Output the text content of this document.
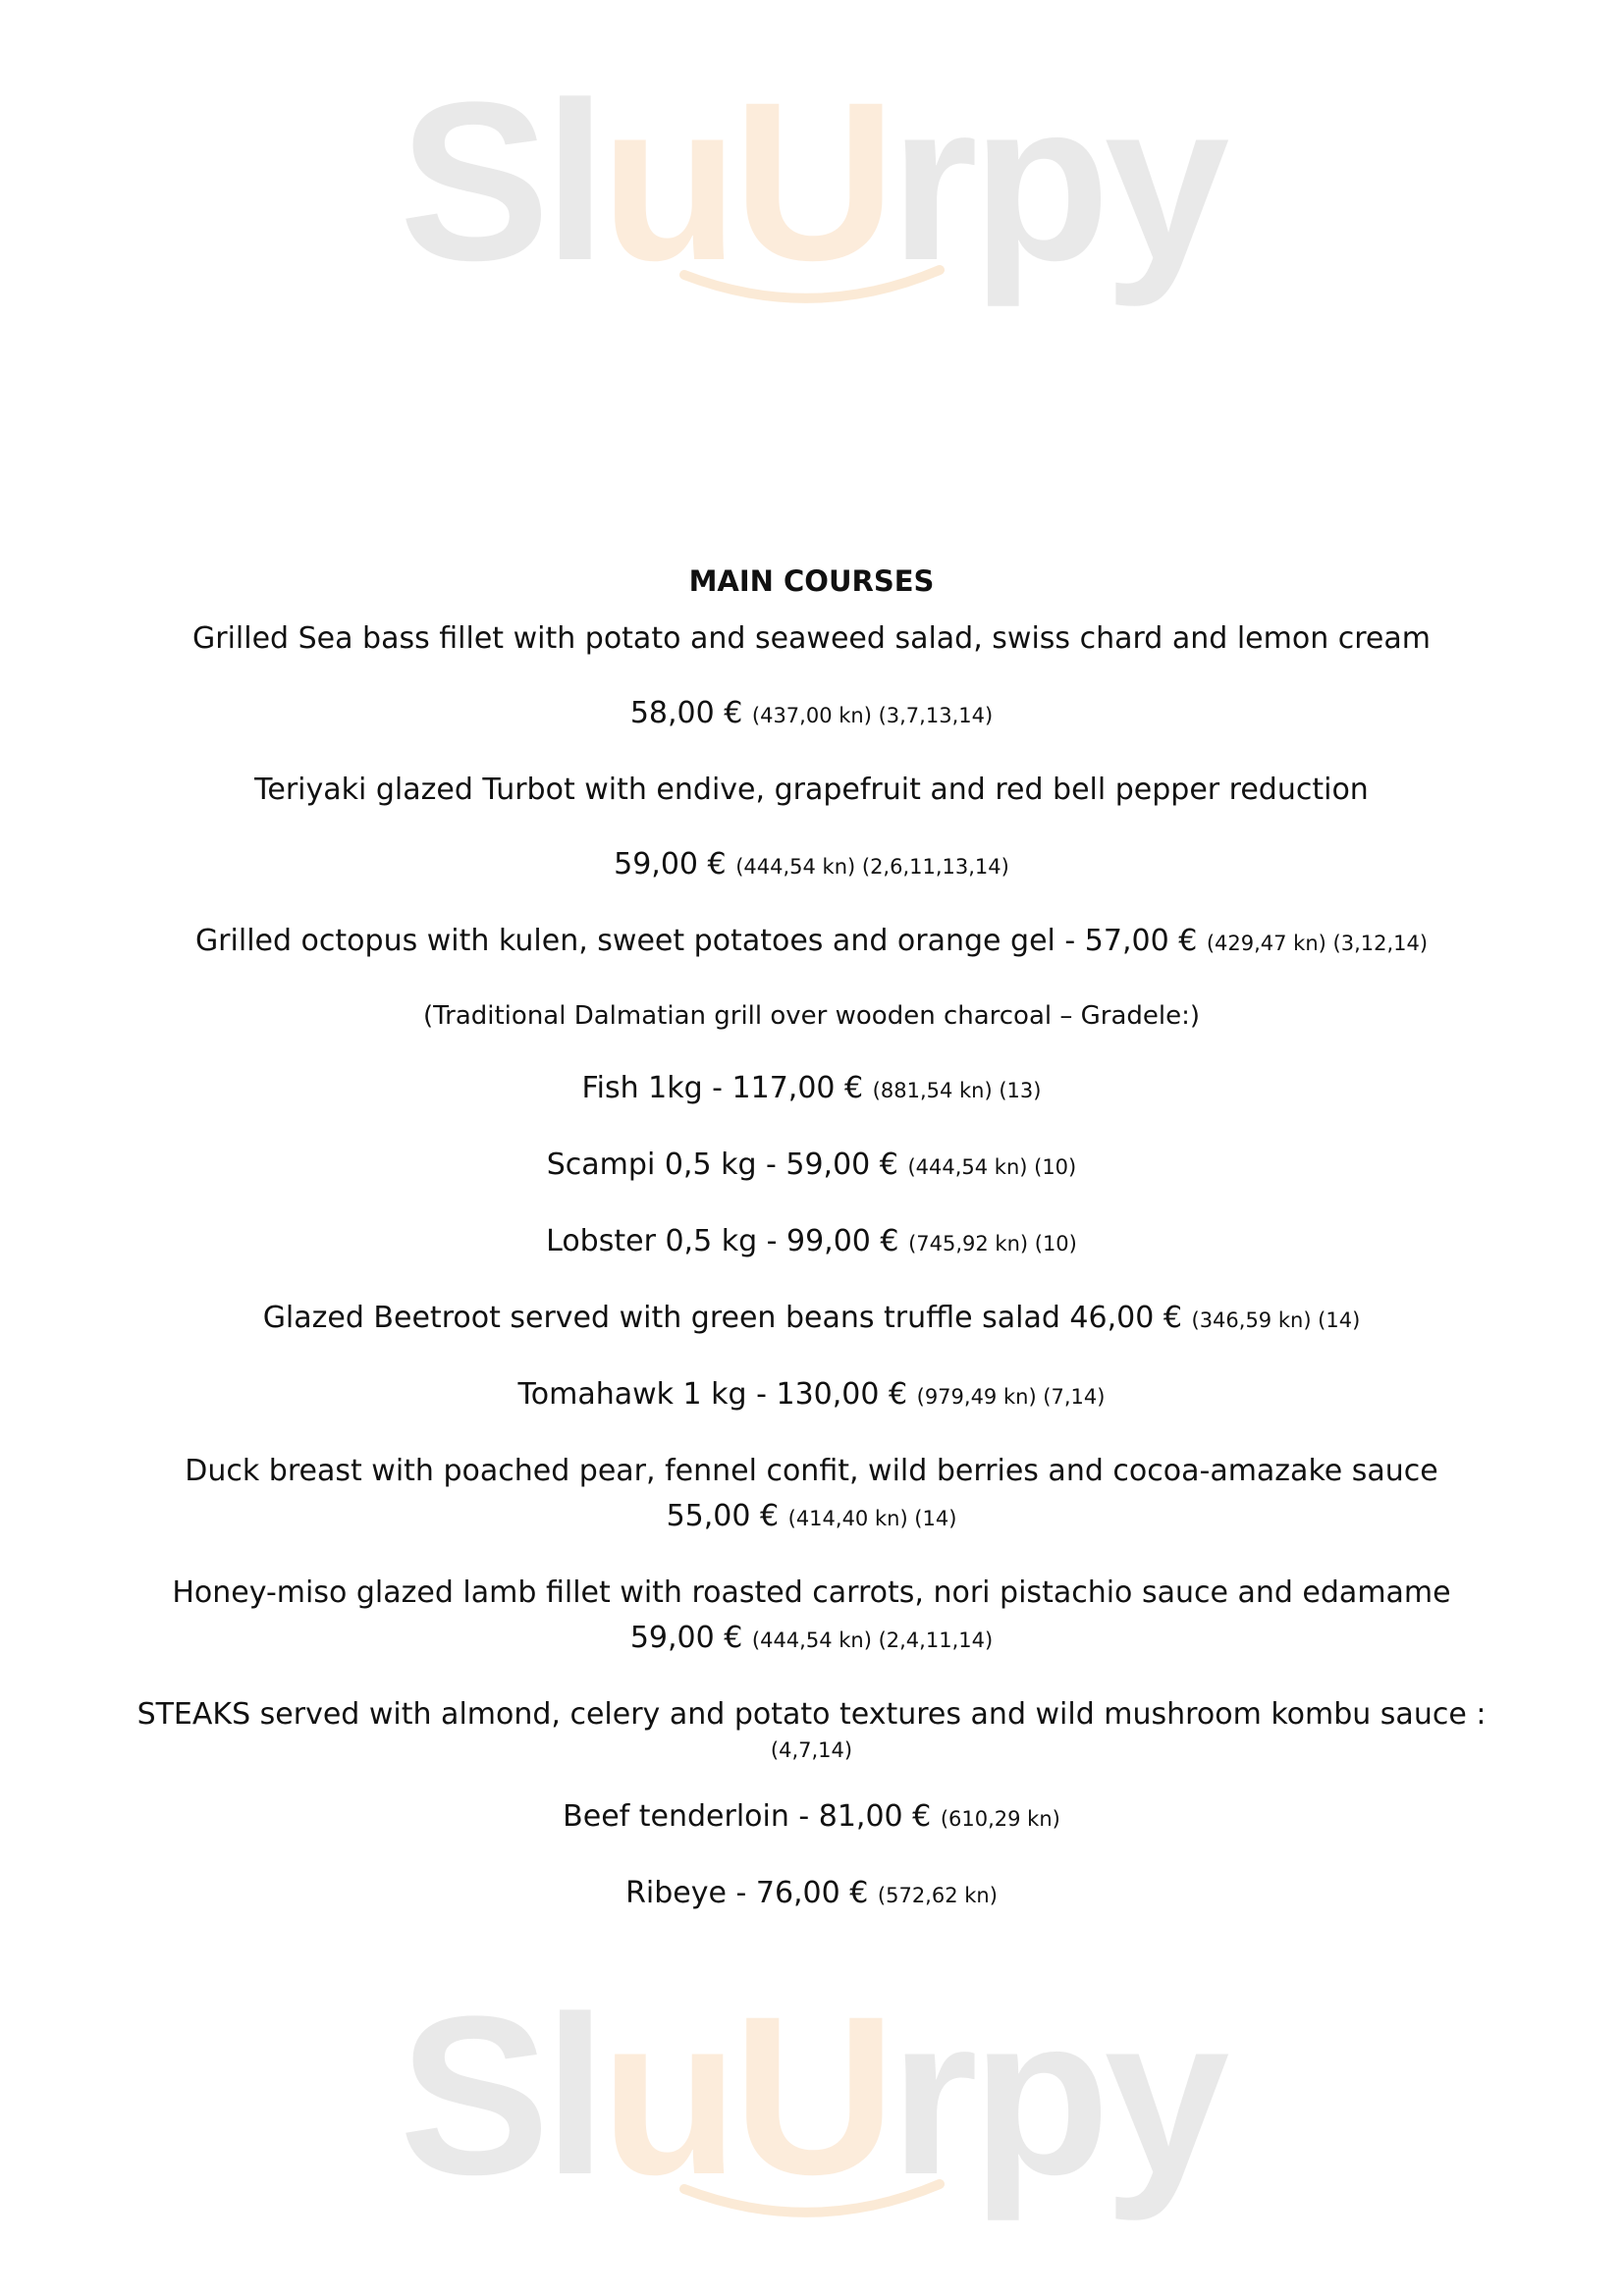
SluUrpy
SluUrpy
MAIN COURSES

Grilled Sea bass fillet with potato and seaweed salad, swiss chard and lemon cream

58,00 € (437,00 kn) (3,7,13,14)

Teriyaki glazed Turbot with endive, grapefruit and red bell pepper reduction

59,00 € (444,54 kn) (2,6,11,13,14)

Grilled octopus with kulen, sweet potatoes and orange gel - 57,00 € (429,47 kn) (3,12,14)

(Traditional Dalmatian grill over wooden charcoal – Gradele:)

Fish 1kg - 117,00 € (881,54 kn) (13)

Scampi 0,5 kg - 59,00 € (444,54 kn) (10)

Lobster 0,5 kg - 99,00 € (745,92 kn) (10)

Glazed Beetroot served with green beans truffle salad 46,00 € (346,59 kn) (14)

Tomahawk 1 kg - 130,00 € (979,49 kn) (7,14)

Duck breast with poached pear, fennel confit, wild berries and cocoa-amazake sauce

55,00 € (414,40 kn) (14)

Honey-miso glazed lamb fillet with roasted carrots, nori pistachio sauce and edamame

59,00 € (444,54 kn) (2,4,11,14)

STEAKS served with almond, celery and potato textures and wild mushroom kombu sauce :

(4,7,14)

Beef tenderloin - 81,00 € (610,29 kn)

Ribeye - 76,00 € (572,62 kn)
